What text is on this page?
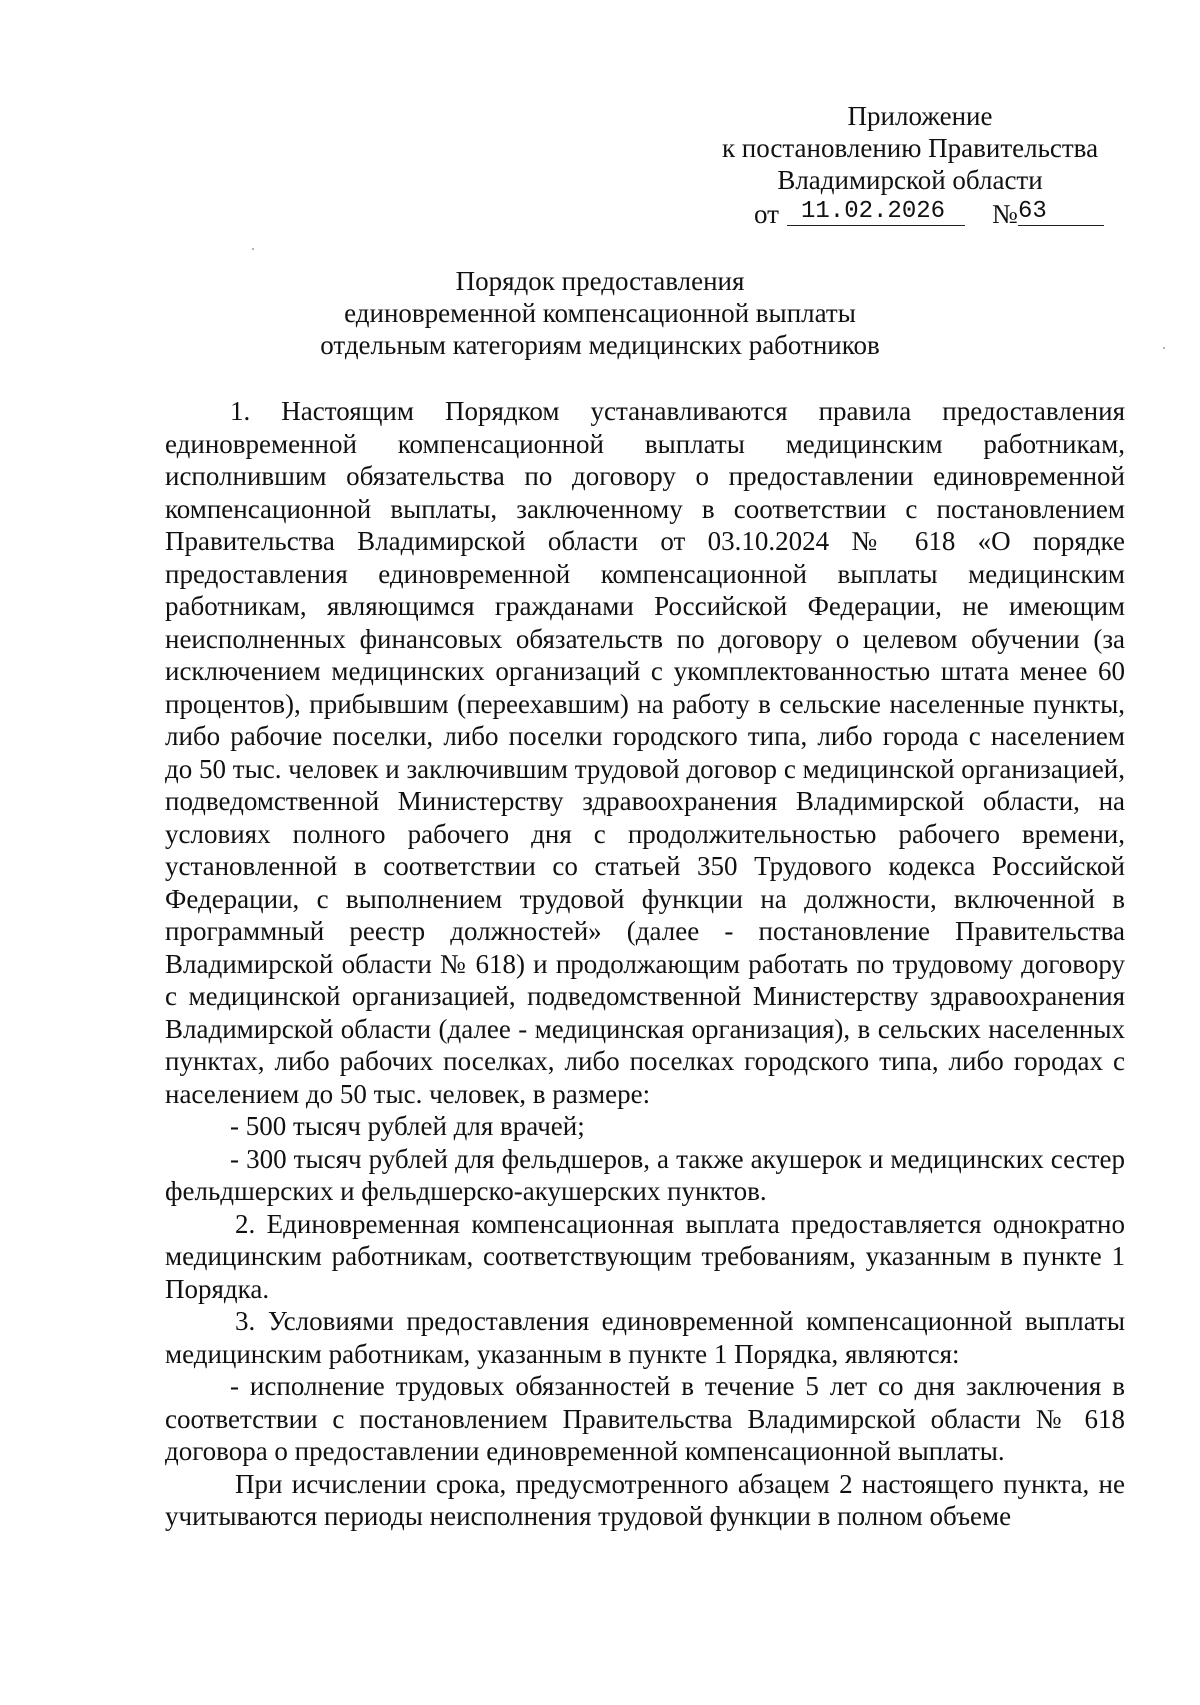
Приложение
к постановлению Правительства
Владимирской области
от 11.02.2026	№ 63
Порядок предоставления
единовременной компенсационной выплаты
отдельным категориям медицинских работников

1. Настоящим Порядком устанавливаются правила предоставления единовременной компенсационной выплаты медицинским работникам, исполнившим обязательства по договору о предоставлении единовременной компенсационной выплаты, заключенному в соответствии с постановлением Правительства Владимирской области от 03.10.2024 № 618 «О порядке предоставления единовременной компенсационной выплаты медицинским работникам, являющимся гражданами Российской Федерации, не имеющим неисполненных финансовых обязательств по договору о целевом обучении (за исключением медицинских организаций с укомплектованностью штата менее 60 процентов), прибывшим (переехавшим) на работу в сельские населенные пункты, либо рабочие поселки, либо поселки городского типа, либо города с населением до 50 тыс. человек и заключившим трудовой договор с медицинской организацией, подведомственной Министерству здравоохранения Владимирской области, на условиях полного рабочего дня с продолжительностью рабочего времени, установленной в соответствии со статьей 350 Трудового кодекса Российской Федерации, с выполнением трудовой функции на должности, включенной в программный реестр должностей» (далее - постановление Правительства Владимирской области № 618) и продолжающим работать по трудовому договору с медицинской организацией, подведомственной Министерству здравоохранения Владимирской области (далее - медицинская организация), в сельских населенных пунктах, либо рабочих поселках, либо поселках городского типа, либо городах с населением до 50 тыс. человек, в размере:

- 500 тысяч рублей для врачей;

- 300 тысяч рублей для фельдшеров, а также акушерок и медицинских сестер фельдшерских и фельдшерско-акушерских пунктов.

2. Единовременная компенсационная выплата предоставляется однократно медицинским работникам, соответствующим требованиям, указанным в пункте 1 Порядка.

3. Условиями предоставления единовременной компенсационной выплаты медицинским работникам, указанным в пункте 1 Порядка, являются:

- исполнение трудовых обязанностей в течение 5 лет со дня заключения в соответствии с постановлением Правительства Владимирской области № 618 договора о предоставлении единовременной компенсационной выплаты.

При исчислении срока, предусмотренного абзацем 2 настоящего пункта, не учитываются периоды неисполнения трудовой функции в полном объеме
